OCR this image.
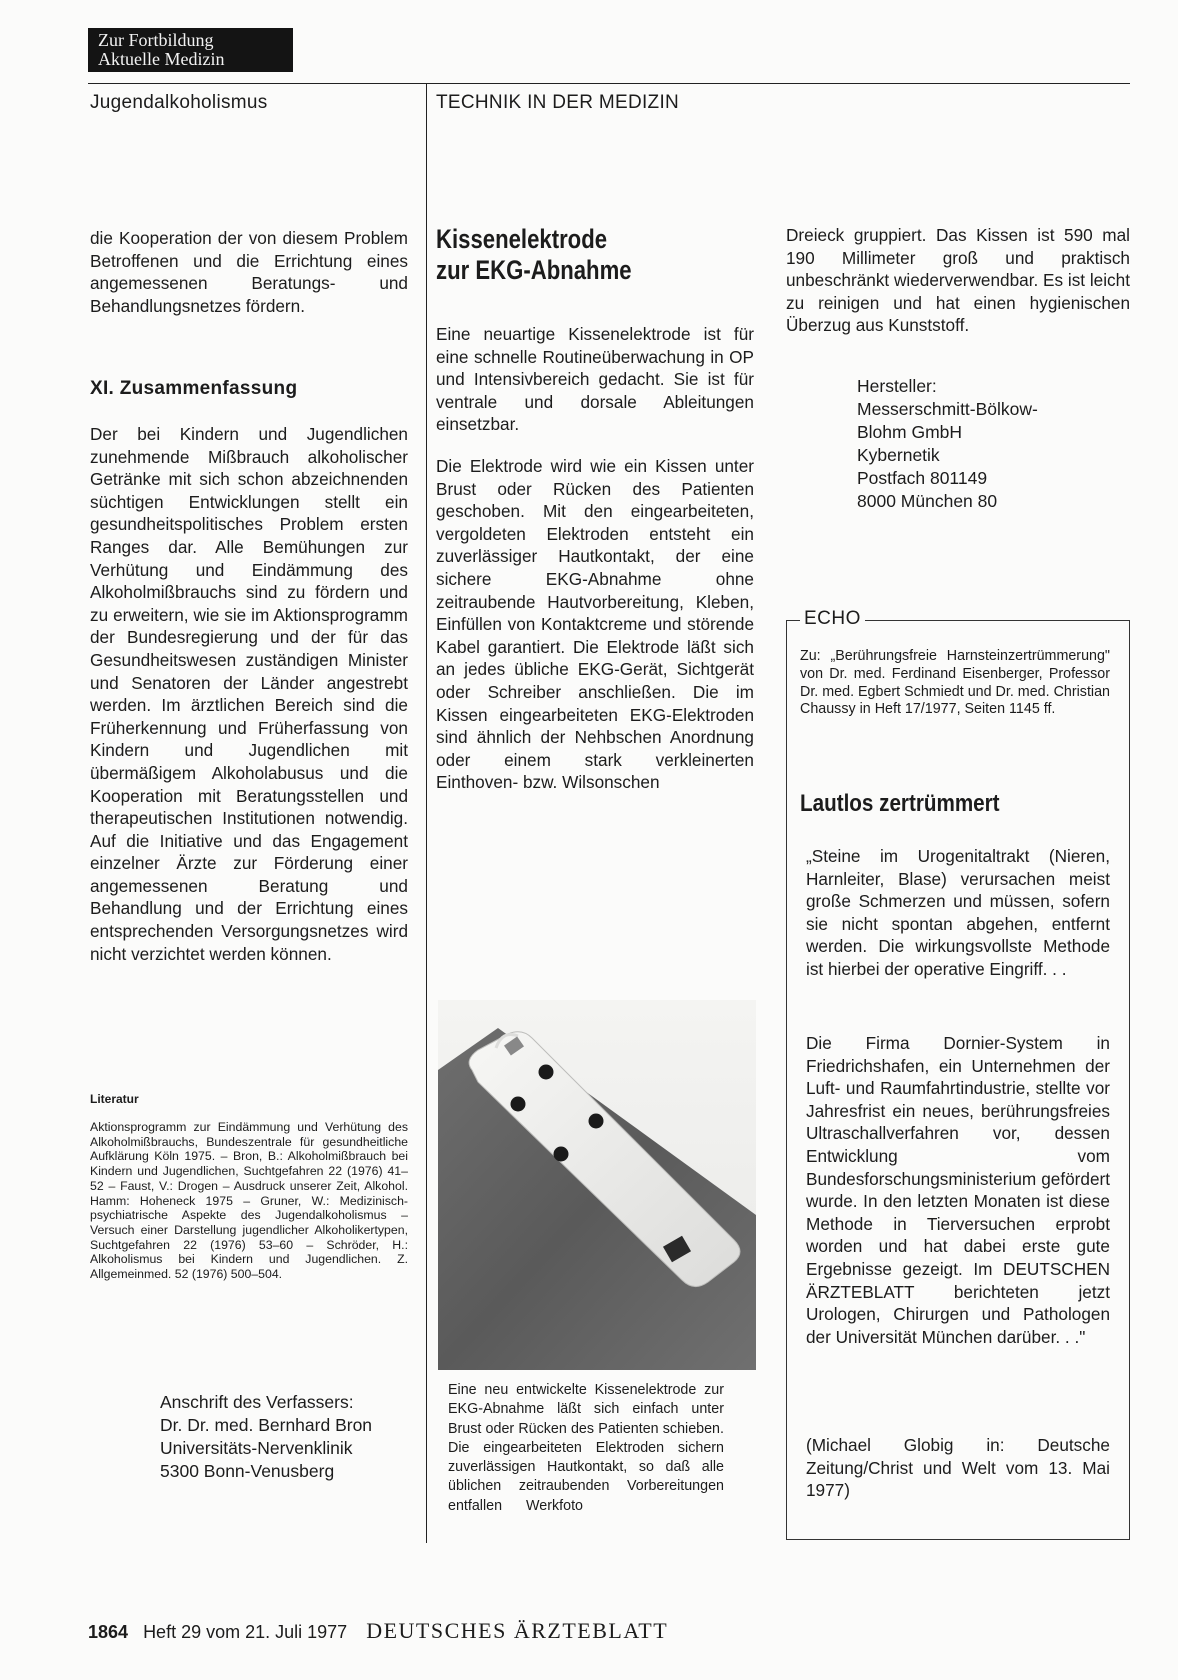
Zur Fortbildung
Aktuelle Medizin
Jugendalkoholismus	TECHNIK IN DER MEDIZIN

die Kooperation der von diesem Problem Betroffenen und die Errichtung eines angemessenen Beratungs- und Behandlungsnetzes fördern.

XI. Zusammenfassung

Der bei Kindern und Jugendlichen zunehmende Mißbrauch alkoholischer Getränke mit sich schon abzeichnenden süchtigen Entwicklungen stellt ein gesundheitspolitisches Problem ersten Ranges dar. Alle Bemühungen zur Verhütung und Eindämmung des Alkoholmißbrauchs sind zu fördern und zu erweitern, wie sie im Aktionsprogramm der Bundesregierung und der für das Gesundheitswesen zuständigen Minister und Senatoren der Länder angestrebt werden. Im ärztlichen Bereich sind die Früherkennung und Früherfassung von Kindern und Jugendlichen mit übermäßigem Alkoholabusus und die Kooperation mit Beratungsstellen und therapeutischen Institutionen notwendig. Auf die Initiative und das Engagement einzelner Ärzte zur Förderung einer angemessenen Beratung und Behandlung und der Errichtung eines entsprechenden Versorgungsnetzes wird nicht verzichtet werden können.

Literatur

Aktionsprogramm zur Eindämmung und Verhütung des Alkoholmißbrauchs, Bundeszentrale für gesundheitliche Aufklärung Köln 1975. – Bron, B.: Alkoholmißbrauch bei Kindern und Jugendlichen, Suchtgefahren 22 (1976) 41–52 – Faust, V.: Drogen – Ausdruck unserer Zeit, Alkohol. Hamm: Hoheneck 1975 – Gruner, W.: Medizinisch-psychiatrische Aspekte des Jugendalkoholismus – Versuch einer Darstellung jugendlicher Alkoholikertypen, Suchtgefahren 22 (1976) 53–60 – Schröder, H.: Alkoholismus bei Kindern und Jugendlichen. Z. Allgemeinmed. 52 (1976) 500–504.

Anschrift des Verfassers:
Dr. Dr. med. Bernhard Bron
Universitäts-Nervenklinik
5300 Bonn-Venusberg
Kissenelektrode
zur EKG-Abnahme

Eine neuartige Kissenelektrode ist für eine schnelle Routineüberwachung in OP und Intensivbereich gedacht. Sie ist für ventrale und dorsale Ableitungen einsetzbar.

Die Elektrode wird wie ein Kissen unter Brust oder Rücken des Patienten geschoben. Mit den eingearbeiteten, vergoldeten Elektroden entsteht ein zuverlässiger Hautkontakt, der eine sichere EKG-Abnahme ohne zeitraubende Hautvorbereitung, Kleben, Einfüllen von Kontaktcreme und störende Kabel garantiert. Die Elektrode läßt sich an jedes übliche EKG-Gerät, Sichtgerät oder Schreiber anschließen. Die im Kissen eingearbeiteten EKG-Elektroden sind ähnlich der Nehbschen Anordnung oder einem stark verkleinerten Einthoven- bzw. Wilsonschen

Eine neu entwickelte Kissenelektrode zur EKG-Abnahme läßt sich einfach unter Brust oder Rücken des Patienten schieben. Die eingearbeiteten Elektroden sichern zuverlässigen Hautkontakt, so daß alle üblichen zeitraubenden Vorbereitungen entfallen Werkfoto

Dreieck gruppiert. Das Kissen ist 590 mal 190 Millimeter groß und praktisch unbeschränkt wiederverwendbar. Es ist leicht zu reinigen und hat einen hygienischen Überzug aus Kunststoff.

Hersteller:
Messerschmitt-Bölkow-
Blohm GmbH
Kybernetik
Postfach 801149
8000 München 80
ECHO

Zu: „Berührungsfreie Harnsteinzertrümmerung" von Dr. med. Ferdinand Eisenberger, Professor Dr. med. Egbert Schmiedt und Dr. med. Christian Chaussy in Heft 17/1977, Seiten 1145 ff.

Lautlos zertrümmert

„Steine im Urogenitaltrakt (Nieren, Harnleiter, Blase) verursachen meist große Schmerzen und müssen, sofern sie nicht spontan abgehen, entfernt werden. Die wirkungsvollste Methode ist hierbei der operative Eingriff. . .

Die Firma Dornier-System in Friedrichshafen, ein Unternehmen der Luft- und Raumfahrtindustrie, stellte vor Jahresfrist ein neues, berührungsfreies Ultraschallverfahren vor, dessen Entwicklung vom Bundesforschungsministerium gefördert wurde. In den letzten Monaten ist diese Methode in Tierversuchen erprobt worden und hat dabei erste gute Ergebnisse gezeigt. Im DEUTSCHEN ÄRZTEBLATT berichteten jetzt Urologen, Chirurgen und Pathologen der Universität München darüber. . ."

(Michael Globig in: Deutsche Zeitung/Christ und Welt vom 13. Mai 1977)

1864 Heft 29 vom 21. Juli 1977 DEUTSCHES ÄRZTEBLATT
